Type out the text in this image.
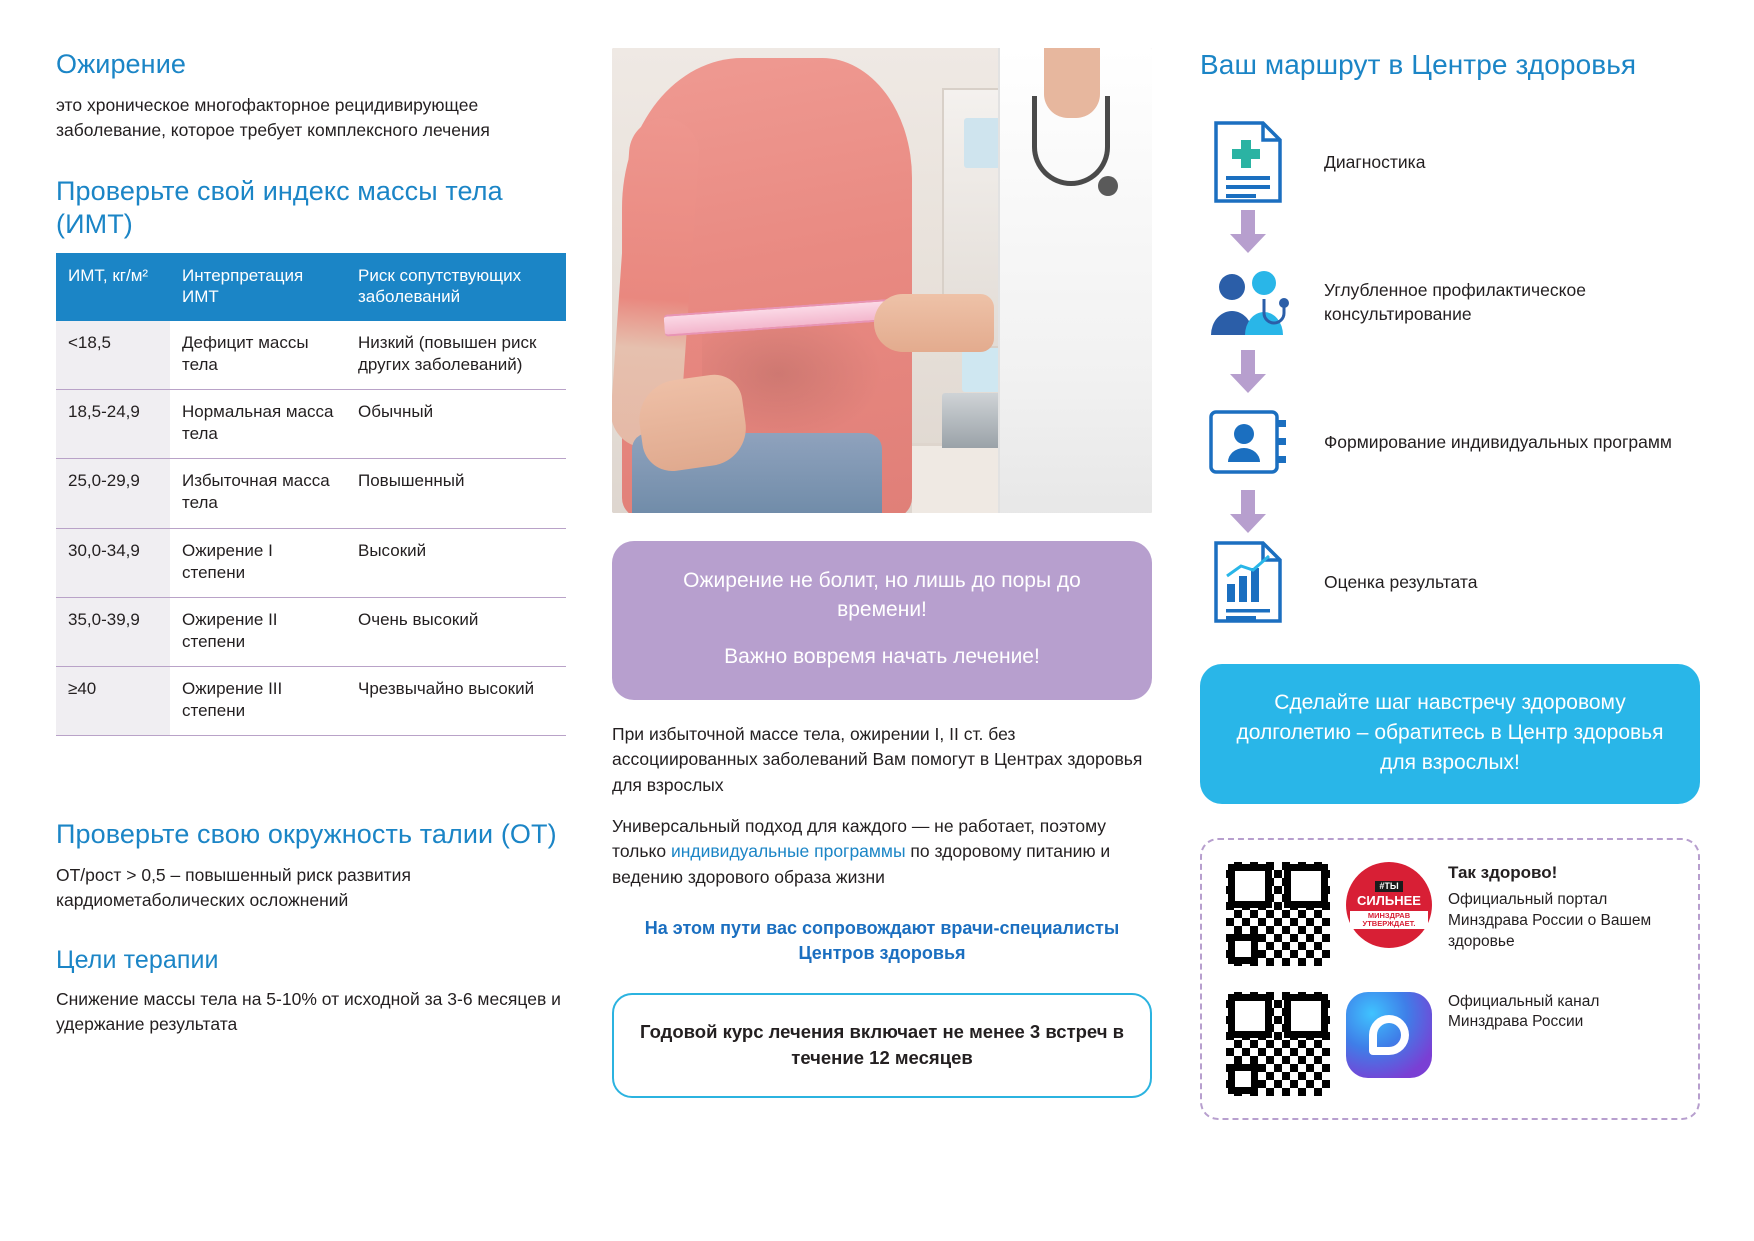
Ожирение

это хроническое многофакторное рецидивирующее заболевание, которое требует комплексного лечения

Проверьте свой индекс массы тела (ИМТ)
ИМТ, кг/м²	Интерпретация ИМТ	Риск сопутствующих заболеваний
<18,5	Дефицит массы тела	Низкий (повышен риск других заболеваний)
18,5-24,9	Нормальная масса тела	Обычный
25,0-29,9	Избыточная масса тела	Повышенный
30,0-34,9	Ожирение I степени	Высокий
35,0-39,9	Ожирение II степени	Очень высокий
≥40	Ожирение III степени	Чрезвычайно высокий
Проверьте свою окружность талии (ОТ)

ОТ/рост > 0,5 – повышенный риск развития кардиометаболических осложнений

Цели терапии

Снижение массы тела на 5-10% от исходной за 3-6 месяцев и удержание результата

Ожирение не болит, но лишь до поры до времени!

Важно вовремя начать лечение!

При избыточной массе тела, ожирении I, II ст. без ассоциированных заболеваний Вам помогут в Центрах здоровья для взрослых

Универсальный подход для каждого — не работает, поэтому только индивидуальные программы по здоровому питанию и ведению здорового образа жизни

На этом пути вас сопровождают врачи-специалисты Центров здоровья
Годовой курс лечения включает не менее 3 встреч в течение 12 месяцев
Ваш маршрут в Центре здоровья
Диагностика
Углубленное профилактическое консультирование
Формирование индивидуальных программ
Оценка результата
Сделайте шаг навстречу здоровому долголетию – обратитесь в Центр здоровья для взрослых!
#ТЫ
СИЛЬНЕЕ
МИНЗДРАВ УТВЕРЖДАЕТ.
Так здорово!
Официальный портал Минздрава России о Вашем здоровье
Официальный канал Минздрава России
